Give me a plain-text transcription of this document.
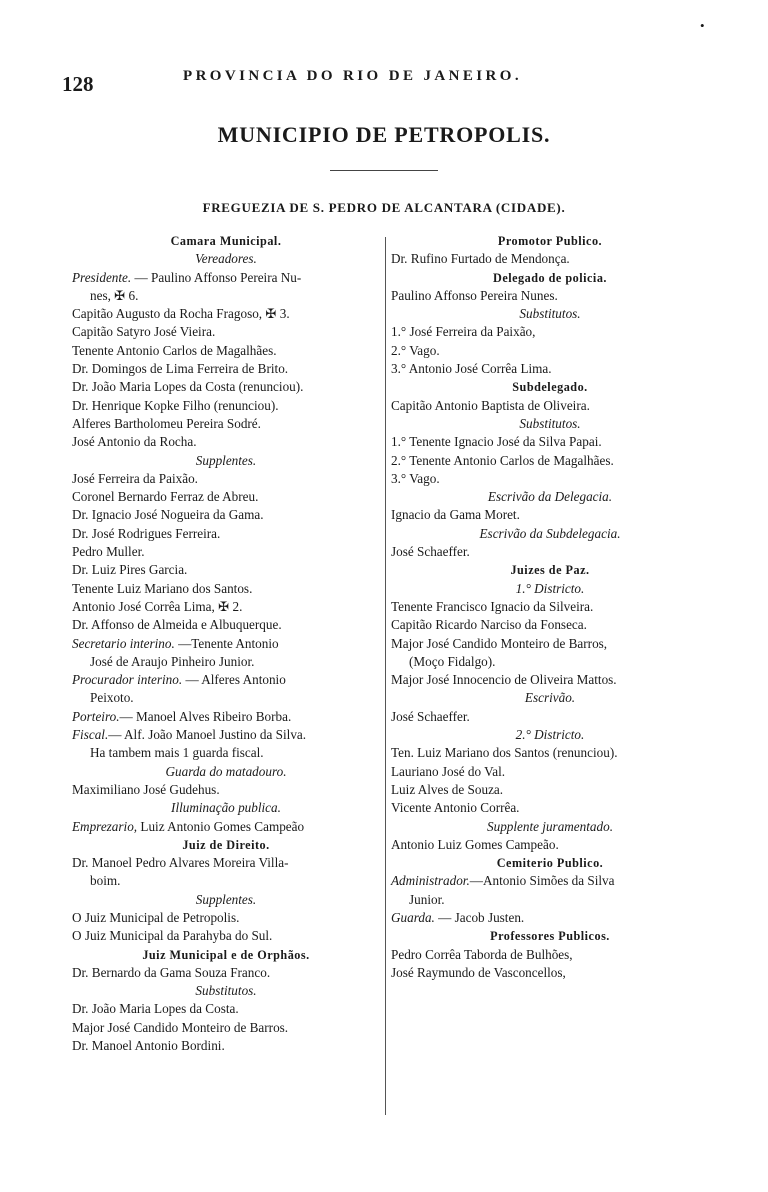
•
128	PROVINCIA DO RIO DE JANEIRO.
MUNICIPIO DE PETROPOLIS.
FREGUEZIA DE S. PEDRO DE ALCANTARA (CIDADE).
Camara Municipal.
Vereadores.
Presidente. — Paulino Affonso Pereira Nu-
nes, ✠ 6.
Capitão Augusto da Rocha Fragoso, ✠ 3.
Capitão Satyro José Vieira.
Tenente Antonio Carlos de Magalhães.
Dr. Domingos de Lima Ferreira de Brito.
Dr. João Maria Lopes da Costa (renunciou).
Dr. Henrique Kopke Filho (renunciou).
Alferes Bartholomeu Pereira Sodré.
José Antonio da Rocha.
Supplentes.
José Ferreira da Paixão.
Coronel Bernardo Ferraz de Abreu.
Dr. Ignacio José Nogueira da Gama.
Dr. José Rodrigues Ferreira.
Pedro Muller.
Dr. Luiz Pires Garcia.
Tenente Luiz Mariano dos Santos.
Antonio José Corrêa Lima, ✠ 2.
Dr. Affonso de Almeida e Albuquerque.
Secretario interino. —Tenente Antonio
José de Araujo Pinheiro Junior.
Procurador interino. — Alferes Antonio
Peixoto.
Porteiro.— Manoel Alves Ribeiro Borba.
Fiscal.— Alf. João Manoel Justino da Silva.
Ha tambem mais 1 guarda fiscal.
Guarda do matadouro.
Maximiliano José Gudehus.
Illuminação publica.
Emprezario, Luiz Antonio Gomes Campeão
Juiz de Direito.
Dr. Manoel Pedro Alvares Moreira Villa-
boim.
Supplentes.
O Juiz Municipal de Petropolis.
O Juiz Municipal da Parahyba do Sul.
Juiz Municipal e de Orphãos.
Dr. Bernardo da Gama Souza Franco.
Substitutos.
Dr. João Maria Lopes da Costa.
Major José Candido Monteiro de Barros.
Dr. Manoel Antonio Bordini.
Promotor Publico.
Dr. Rufino Furtado de Mendonça.
Delegado de policia.
Paulino Affonso Pereira Nunes.
Substitutos.
1.° José Ferreira da Paixão,
2.° Vago.
3.° Antonio José Corrêa Lima.
Subdelegado.
Capitão Antonio Baptista de Oliveira.
Substitutos.
1.° Tenente Ignacio José da Silva Papai.
2.° Tenente Antonio Carlos de Magalhães.
3.° Vago.
Escrivão da Delegacia.
Ignacio da Gama Moret.
Escrivão da Subdelegacia.
José Schaeffer.
Juizes de Paz.
1.° Districto.
Tenente Francisco Ignacio da Silveira.
Capitão Ricardo Narciso da Fonseca.
Major José Candido Monteiro de Barros,
(Moço Fidalgo).
Major José Innocencio de Oliveira Mattos.
Escrivão.
José Schaeffer.
2.° Districto.
Ten. Luiz Mariano dos Santos (renunciou).
Lauriano José do Val.
Luiz Alves de Souza.
Vicente Antonio Corrêa.
Supplente juramentado.
Antonio Luiz Gomes Campeão.
Cemiterio Publico.
Administrador.—Antonio Simões da Silva
Junior.
Guarda. — Jacob Justen.
Professores Publicos.
Pedro Corrêa Taborda de Bulhões,
José Raymundo de Vasconcellos,
